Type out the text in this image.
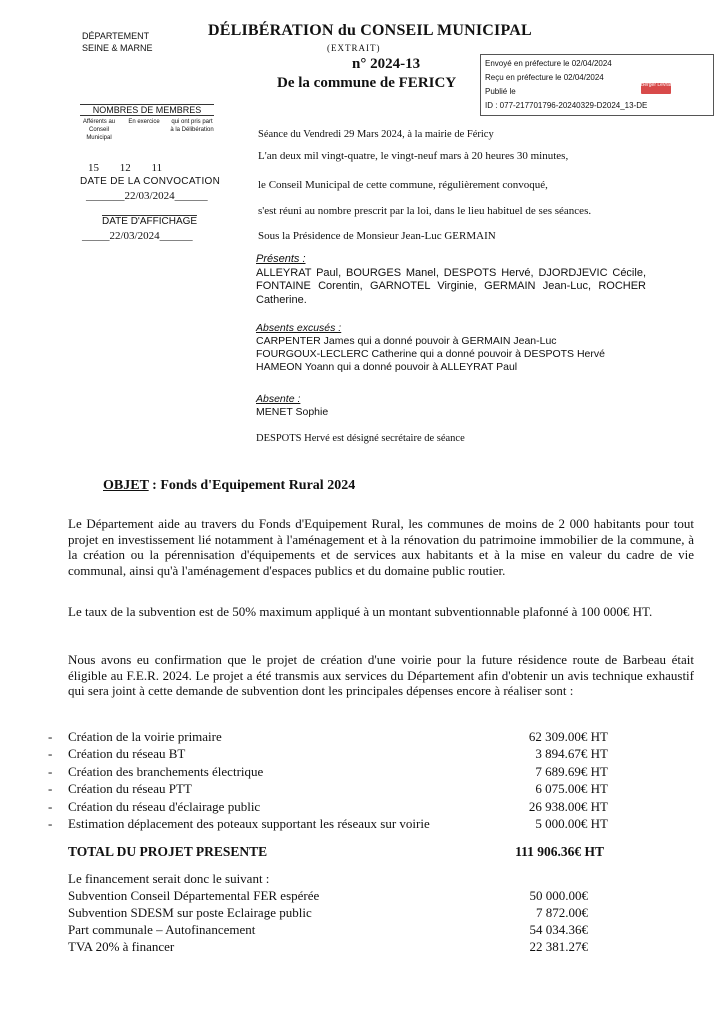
DÉPARTEMENT
SEINE & MARNE
DÉLIBÉRATION du CONSEIL MUNICIPAL
(EXTRAIT)
n° 2024-13
De la commune de FERICY
Envoyé en préfecture le 02/04/2024
Reçu en préfecture le 02/04/2024
Publié le
ID : 077-217701796-20240329-D2024_13-DE
Berger Levrault
NOMBRES DE MEMBRES
Afférents au Conseil Municipal
En exercice	qui ont pris part à la Délibération
15 12 11
DATE DE LA CONVOCATION
_______22/03/2024______
DATE D'AFFICHAGE
_____22/03/2024______
Séance du Vendredi 29 Mars 2024, à la mairie de Féricy
L'an deux mil vingt-quatre, le vingt-neuf mars à 20 heures 30 minutes,
le Conseil Municipal de cette commune, régulièrement convoqué,
s'est réuni au nombre prescrit par la loi, dans le lieu habituel de ses séances.
Sous la Présidence de Monsieur Jean-Luc GERMAIN
Présents :
ALLEYRAT Paul, BOURGES Manel, DESPOTS Hervé, DJORDJEVIC Cécile, FONTAINE Corentin, GARNOTEL Virginie, GERMAIN Jean-Luc, ROCHER Catherine.
Absents excusés :
CARPENTER James qui a donné pouvoir à GERMAIN Jean-Luc
FOURGOUX-LECLERC Catherine qui a donné pouvoir à DESPOTS Hervé
HAMEON Yoann qui a donné pouvoir à ALLEYRAT Paul
Absente :
MENET Sophie
DESPOTS Hervé est désigné secrétaire de séance
OBJET : Fonds d'Equipement Rural 2024
Le Département aide au travers du Fonds d'Equipement Rural, les communes de moins de 2 000 habitants pour tout projet en investissement lié notamment à l'aménagement et à la rénovation du patrimoine immobilier de la commune, à la création ou la pérennisation d'équipements et de services aux habitants et à la mise en valeur du cadre de vie communal, ainsi qu'à l'aménagement d'espaces publics et du domaine public routier.
Le taux de la subvention est de 50% maximum appliqué à un montant subventionnable plafonné à 100 000€ HT.
Nous avons eu confirmation que le projet de création d'une voirie pour la future résidence route de Barbeau était éligible au F.E.R. 2024. Le projet a été transmis aux services du Département afin d'obtenir un avis technique exhaustif qui sera joint à cette demande de subvention dont les principales dépenses encore à réaliser sont :
-	Création de la voirie primaire	62 309.00€ HT
-	Création du réseau BT	3 894.67€ HT
-	Création des branchements électrique	7 689.69€ HT
-	Création du réseau PTT	6 075.00€ HT
-	Création du réseau d'éclairage public	26 938.00€ HT
-	Estimation déplacement des poteaux supportant les réseaux sur voirie	5 000.00€ HT
TOTAL DU PROJET PRESENTE	111 906.36€ HT
Le financement serait donc le suivant :
Subvention Conseil Départemental FER espérée	50 000.00€
Subvention SDESM sur poste Eclairage public	7 872.00€
Part communale – Autofinancement	54 034.36€
TVA 20% à financer	22 381.27€
